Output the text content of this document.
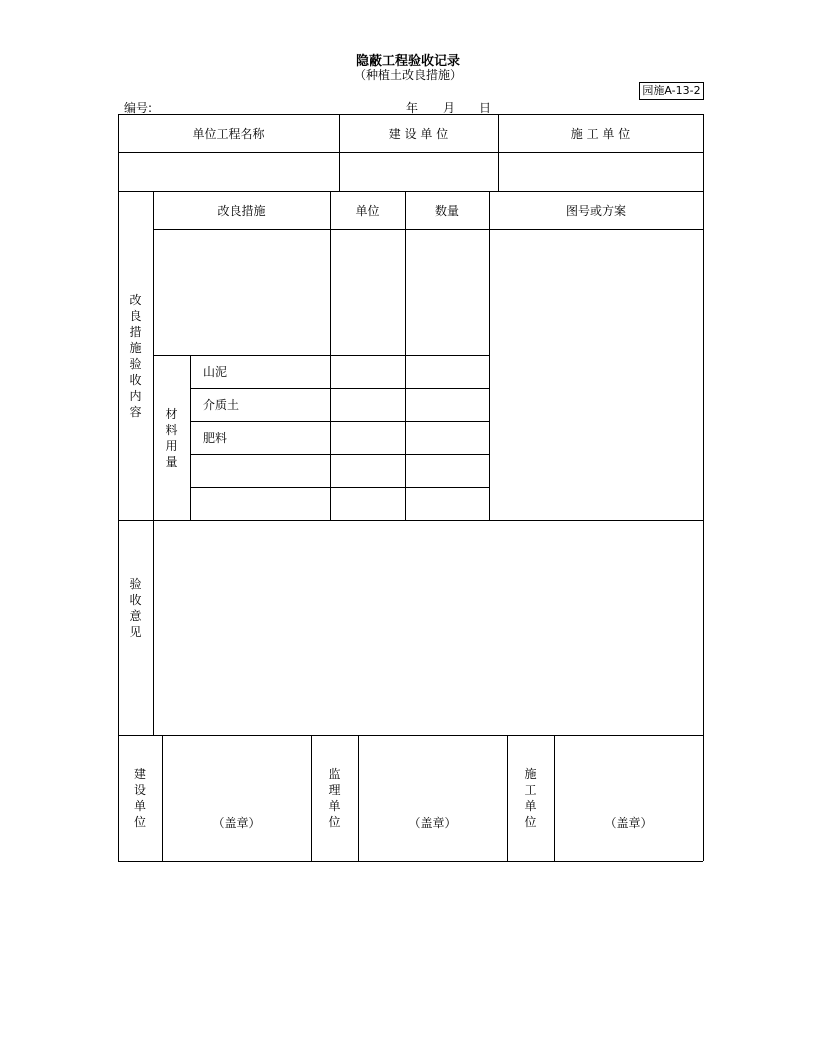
隐蔽工程验收记录
（种植土改良措施）
园施A-13-2
编号:	年 月 日
单位工程名称	建 设 单 位	施 工 单 位
改良措施验收内容
改良措施	单位	数量	图号或方案
材料用量
山泥
介质土
肥料
验收意见
建设单位	（盖章）
监理单位	（盖章）
施工单位	（盖章）
